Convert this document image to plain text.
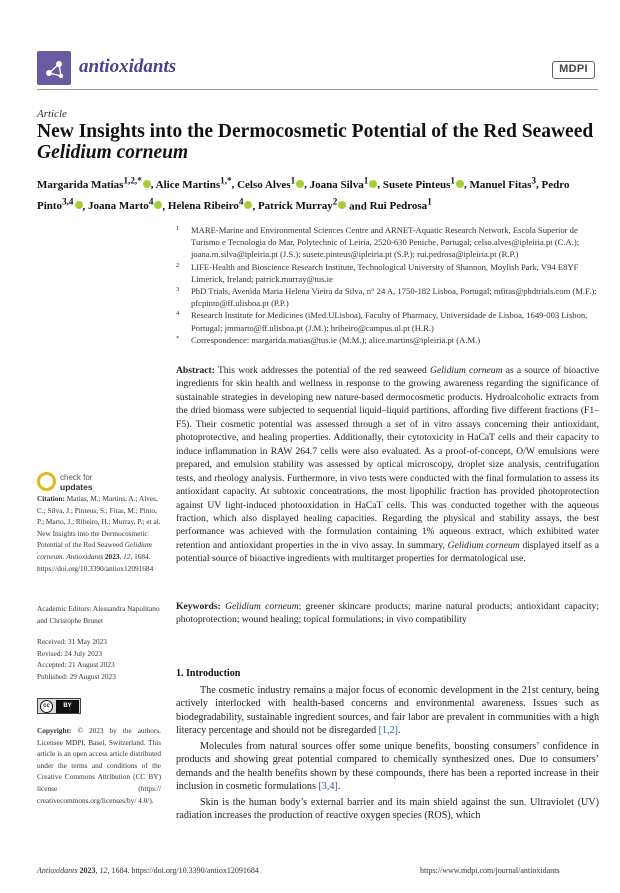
antioxidants	MDPI
Article
New Insights into the Dermocosmetic Potential of the Red Seaweed Gelidium corneum
Margarida Matias$^{1,2,*}$ , Alice Martins$^{1,*}$, Celso Alves$^1$ , Joana Silva$^1$ , Susete Pinteus$^1$ , Manuel Fitas$^3$, Pedro Pinto$^{3,4}$ , Joana Marto$^4$ , Helena Ribeiro$^4$ , Patrick Murray$^2$ and Rui Pedrosa$^1$
1 MARE-Marine and Environmental Sciences Centre and ARNET-Aquatic Research Network, Escola Superior de Turismo e Tecnologia do Mar, Polytechnic of Leiria, 2520-630 Peniche, Portugal; celso.alves@ipleiria.pt (C.A.); joana.m.silva@ipleiria.pt (J.S.); susete.pinteus@ipleiria.pt (S.P.); rui.pedrosa@ipleiria.pt (R.P.)
2 LIFE-Health and Bioscience Research Institute, Technological University of Shannon, Moylish Park, V94 E8YF Limerick, Ireland; patrick.murray@tus.ie
3 PhD Trials, Avenida Maria Helena Vieira da Silva, n° 24 A, 1750-182 Lisboa, Portugal; mfitas@phdtrials.com (M.F.); pfcpinto@ff.ulisboa.pt (P.P.)
4 Research Institute for Medicines (iMed.ULisboa), Faculty of Pharmacy, Universidade de Lisboa, 1649-003 Lisbon, Portugal; jmmarto@ff.ulisboa.pt (J.M.); hribeiro@campus.ul.pt (H.R.)
* Correspondence: margarida.matias@tus.ie (M.M.); alice.martins@ipleiria.pt (A.M.)
Abstract: This work addresses the potential of the red seaweed Gelidium corneum as a source of bioactive ingredients for skin health and wellness in response to the growing awareness regarding the significance of sustainable strategies in developing new nature-based dermocosmetic products. Hydroalcoholic extracts from the dried biomass were subjected to sequential liquid–liquid partitions, affording five different fractions (F1–F5). Their cosmetic potential was assessed through a set of in vitro assays concerning their antioxidant, photoprotective, and healing properties. Additionally, their cytotoxicity in HaCaT cells and their capacity to induce inflammation in RAW 264.7 cells were also evaluated. As a proof-of-concept, O/W emulsions were prepared, and emulsion stability was assessed by optical microscopy, droplet size analysis, centrifugation tests, and rheology analysis. Furthermore, in vivo tests were conducted with the final formulation to assess its antioxidant capacity. At subtoxic concentrations, the most lipophilic fraction has provided photoprotection against UV light-induced photooxidation in HaCaT cells. This was conducted together with the aqueous fraction, which also displayed healing capacities. Regarding the physical and stability assays, the best performance was achieved with the formulation containing 1% aqueous extract, which exhibited water retention and antioxidant properties in the in vivo assay. In summary, Gelidium corneum displayed itself as a potential source of bioactive ingredients with multitarget properties for dermatological use.
Keywords: Gelidium corneum; greener skincare products; marine natural products; antioxidant capacity; photoprotection; wound healing; topical formulations; in vivo compatibility
check for
updates
Citation: Matias, M.; Martins, A.; Alves, C.; Silva, J.; Pinteus, S.; Fitas, M.; Pinto, P.; Marto, J.; Ribeiro, H.; Murray, P.; et al. New Insights into the Dermocosmetic Potential of the Red Seaweed Gelidium corneum. Antioxidants 2023, 12, 1684. https://doi.org/10.3390/antiox12091684
Academic Editors: Alessandra Napolitano and Christophe Brunet
Received: 31 May 2023
Revised: 24 July 2023
Accepted: 21 August 2023
Published: 29 August 2023
cc	BY
Copyright: © 2023 by the authors. Licensee MDPI, Basel, Switzerland. This article is an open access article distributed under the terms and conditions of the Creative Commons Attribution (CC BY) license (https:// creativecommons.org/licenses/by/ 4.0/).
1. Introduction

The cosmetic industry remains a major focus of economic development in the 21st century, being actively interlocked with health-based concerns and environmental awareness. Issues such as biodegradability, sustainable ingredient sources, and fair labor are prevalent in communities with a high literacy percentage and should not be disregarded [1,2].

Molecules from natural sources offer some unique benefits, boosting consumers’ confidence in products and showing great potential compared to chemically synthesized ones. Due to consumers’ demands and the health benefits shown by these compounds, there has been a reported increase in their inclusion in cosmetic formulations [3,4].

Skin is the human body’s external barrier and its main shield against the sun. Ultraviolet (UV) radiation increases the production of reactive oxygen species (ROS), which

Antioxidants 2023, 12, 1684. https://doi.org/10.3390/antiox12091684	https://www.mdpi.com/journal/antioxidants
